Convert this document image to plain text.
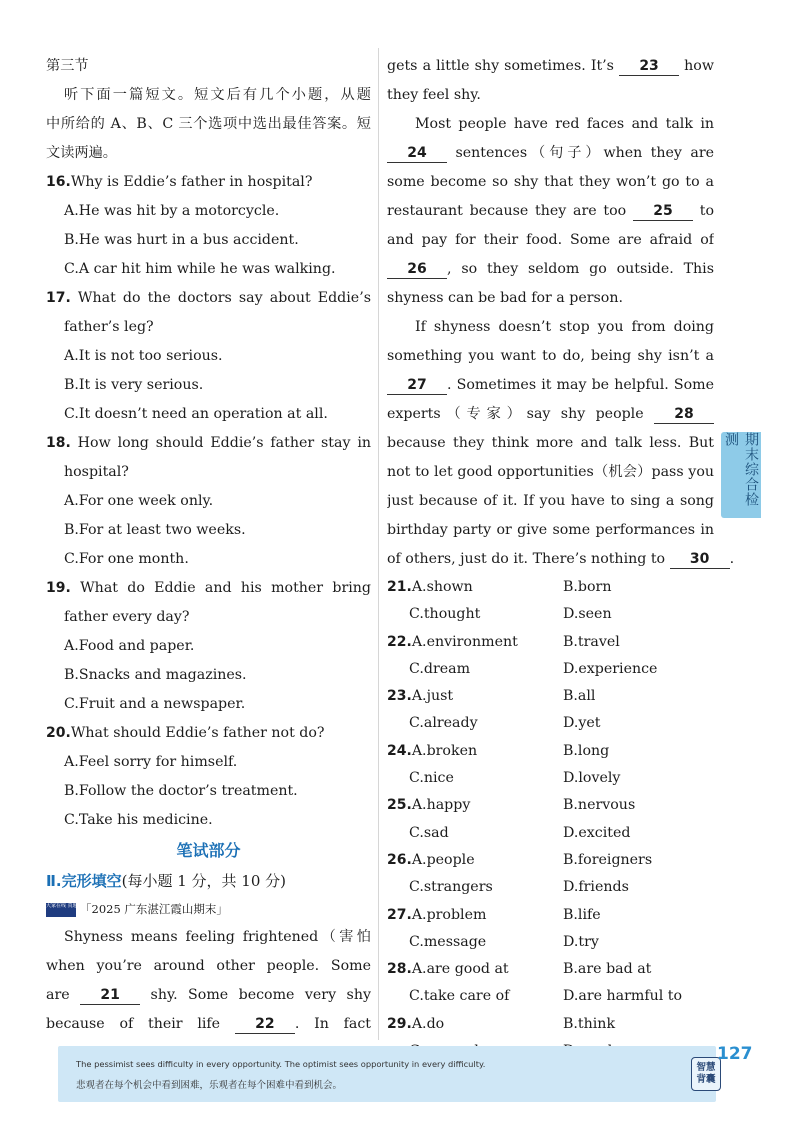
第三节
听下面一篇短文。短文后有几个小题，从题
中所给的 A、B、C 三个选项中选出最佳答案。短
文读两遍。
16.Why is Eddie’s father in hospital?
A.He was hit by a motorcycle.
B.He was hurt in a bus accident.
C.A car hit him while he was walking.
17. What do the doctors say about Eddie’s
father’s leg?
A.It is not too serious.
B.It is very serious.
C.It doesn’t need an operation at all.
18. How long should Eddie’s father stay in
hospital?
A.For one week only.
B.For at least two weeks.
C.For one month.
19. What do Eddie and his mother bring
father every day?
A.Food and paper.
B.Snacks and magazines.
C.Fruit and a newspaper.
20.What should Eddie’s father not do?
A.Feel sorry for himself.
B.Follow the doctor’s treatment.
C.Take his medicine.
笔试部分
Ⅱ.完形填空(每小题 1 分，共 10 分)
大家在线 真题精选「2025 广东湛江霞山期末」
Shyness means feeling frightened（害怕
when you’re around other people. Some
are 21 shy. Some become very shy
because of their life	22 . In fact
gets a little shy sometimes. It’s 23 how
they feel shy.
Most people have red faces and talk in
24 sentences（句子）when they are
some become so shy that they won’t go to a
restaurant because they are too 25 to
and pay for their food. Some are afraid of
26 , so they seldom go outside. This
shyness can be bad for a person.
If shyness doesn’t stop you from doing
something you want to do, being shy isn’t a
27 . Sometimes it may be helpful. Some
experts（专家）say shy people 28
because they think more and talk less. But
not to let good opportunities（机会）pass you
just because of it. If you have to sing a song
birthday party or give some performances in
of others, just do it. There’s nothing to 30 .
21.A.shown	B.born
C.thought	D.seen
22.A.environment	B.travel
C.dream	D.experience
23.A.just	B.all
C.already	D.yet
24.A.broken	B.long
C.nice	D.lovely
25.A.happy	B.nervous
C.sad	D.excited
26.A.people	B.foreigners
C.strangers	D.friends
27.A.problem	B.life
C.message	D.try
28.A.are good at	B.are bad at
C.take care of	D.are harmful to
29.A.do	B.think
期末综合检测
The pessimist sees difficulty in every opportunity. The optimist sees opportunity in every difficulty.
悲观者在每个机会中看到困难，乐观者在每个困难中看到机会。
智慧背囊
127
